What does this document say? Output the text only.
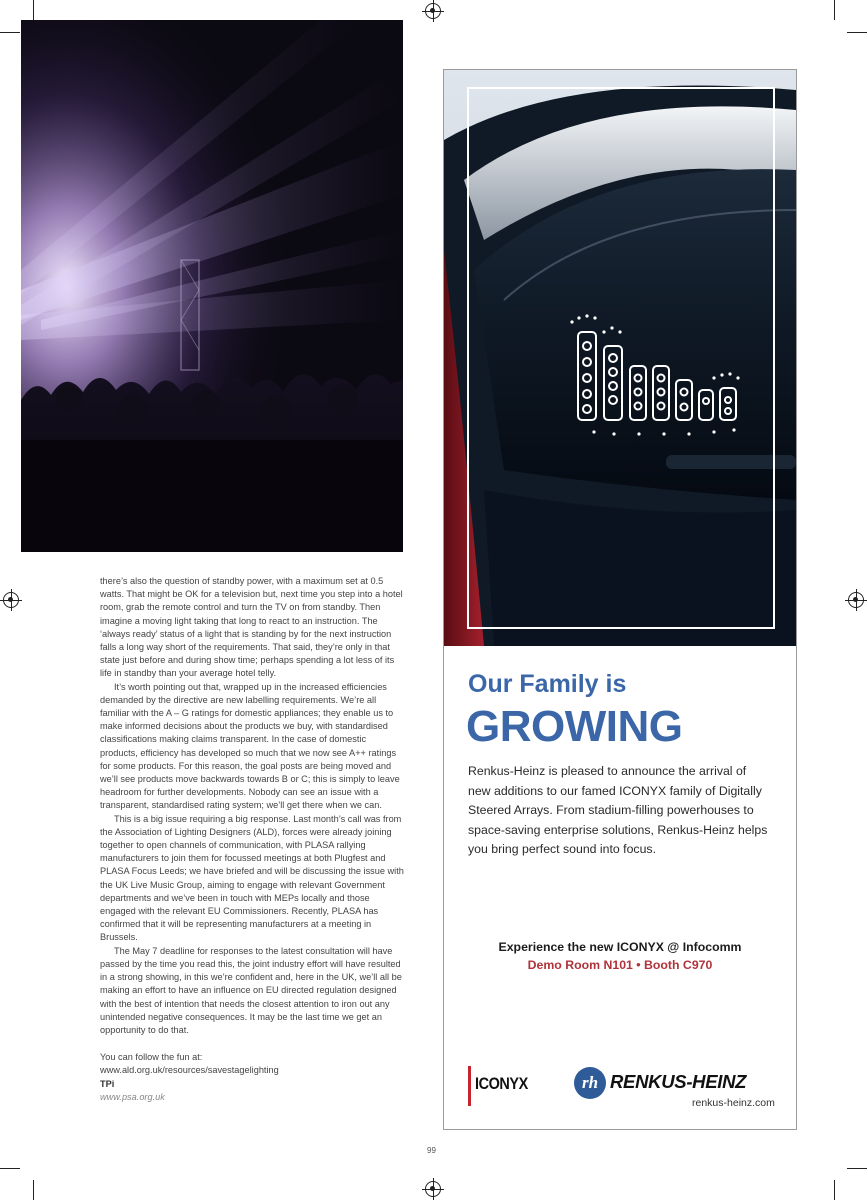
there’s also the question of standby power, with a maximum set at 0.5 watts. That might be OK for a television but, next time you step into a hotel room, grab the remote control and turn the TV on from standby. Then imagine a moving light taking that long to react to an instruction. The ‘always ready’ status of a light that is standing by for the next instruction falls a long way short of the requirements. That said, they’re only in that state just before and during show time; perhaps spending a lot less of its life in standby than your average hotel telly.

It’s worth pointing out that, wrapped up in the increased efficiencies demanded by the directive are new labelling requirements. We’re all familiar with the A – G ratings for domestic appliances; they enable us to make informed decisions about the products we buy, with standardised classifications making claims transparent. In the case of domestic products, efficiency has developed so much that we now see A++ ratings for some products. For this reason, the goal posts are being moved and we’ll see products move backwards towards B or C; this is simply to leave headroom for further developments. Nobody can see an issue with a transparent, standardised rating system; we’ll get there when we can.

This is a big issue requiring a big response. Last month’s call was from the Association of Lighting Designers (ALD), forces were already joining together to open channels of communication, with PLASA rallying manufacturers to join them for focussed meetings at both Plugfest and PLASA Focus Leeds; we have briefed and will be discussing the issue with the UK Live Music Group, aiming to engage with relevant Government departments and we’ve been in touch with MEPs locally and those engaged with the relevant EU Commissioners. Recently, PLASA has confirmed that it will be representing manufacturers at a meeting in Brussels.

The May 7 deadline for responses to the latest consultation will have passed by the time you read this, the joint industry effort will have resulted in a strong showing, in this we’re confident and, here in the UK, we’ll all be making an effort to have an influence on EU directed regulation designed with the best of intention that needs the closest attention to iron out any unintended negative consequences. It may be the last time we get an opportunity to do that.

You can follow the fun at:

www.ald.org.uk/resources/savestagelighting

TPi

www.psa.org.uk

99
Our Family is
GROWING
Renkus-Heinz is pleased to announce the arrival of new additions to our famed ICONYX family of Digitally Steered Arrays. From stadium-filling powerhouses to space-saving enterprise solutions, Renkus-Heinz helps you bring perfect sound into focus.
Experience the new ICONYX @ Infocomm
Demo Room N101 • Booth C970
ICONYX	rh RENKUS-HEINZ
renkus-heinz.com
